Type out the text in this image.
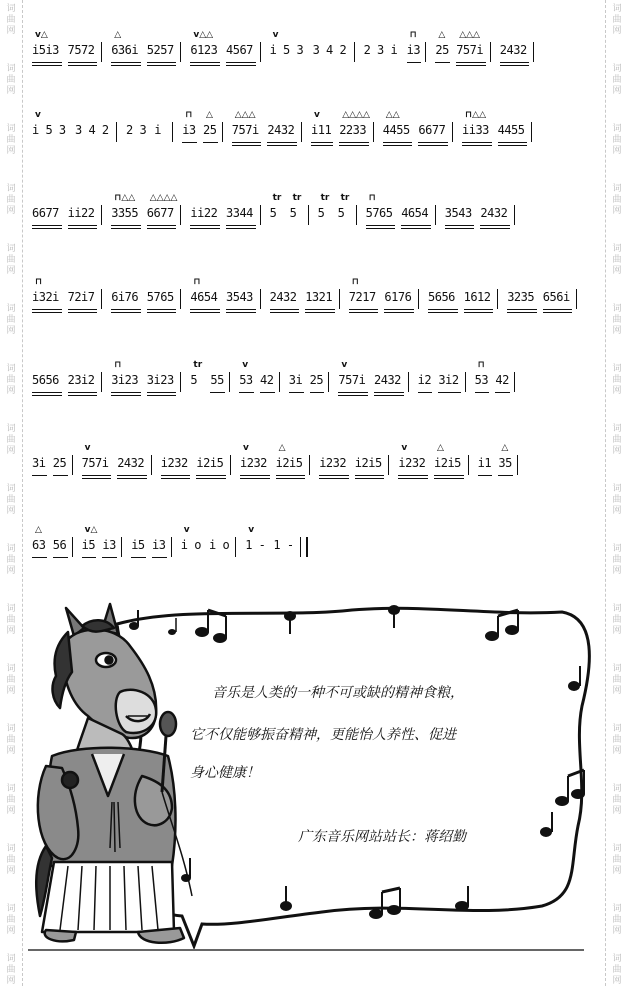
词
曲
网
词
曲
网
词
曲
网
词
曲
网
词
曲
网
词
曲
网
词
曲
网
词
曲
网
词
曲
网
词
曲
网
词
曲
网
词
曲
网
词
曲
网
词
曲
网
词
曲
网
词
曲
网
词
曲
网
词
曲
网
词
曲
网
词
曲
网
词
曲
网
词
曲
网
词
曲
网
词
曲
网
词
曲
网
词
曲
网
词
曲
网
词
曲
网
词
曲
网
词
曲
网
词
曲
网
词
曲
网
词
曲
网
词
曲
网
i5i3
v△
7572 636i
△
5257 6123
v△△
4567 i 5 3
v
3 4 2 2 3 i i3
⊓
25
△
757i
△△△
2432
i 5 3
v
3 4 2 2 3 i i3
⊓
25
△
757i
△△△
2432 i11
v
2233
△△△△
4455
△△
6677 ii33
⊓△△
4455
6677 ii22 3355
⊓△△
6677
△△△△
ii22 3344 5
tr
5
tr
5
tr
5
tr
5765
⊓
4654 3543 2432
i32i
⊓
72i7 6i76 5765 4654
⊓
3543 2432 1321 7217
⊓
6176 5656 1612 3235 656i
5656 23i2 3i23
⊓
3i23 5
tr
55 53
v
42 3i 25 757i
v
2432 i2 3i2 53
⊓
42
3i 25 757i
v
2432 i232 i2i5 i232
v
i2i5
△
i232 i2i5 i232
v
i2i5
△
i1 35
△
63
△
56 i5
v△
i3 i5 i3 i o
v
i o 1 -
v
1 -
音乐是人类的一种不可或缺的精神食粮，
它不仅能够振奋精神，更能怡人养性、促进
身心健康！
广东音乐网站站长：蒋绍勤
